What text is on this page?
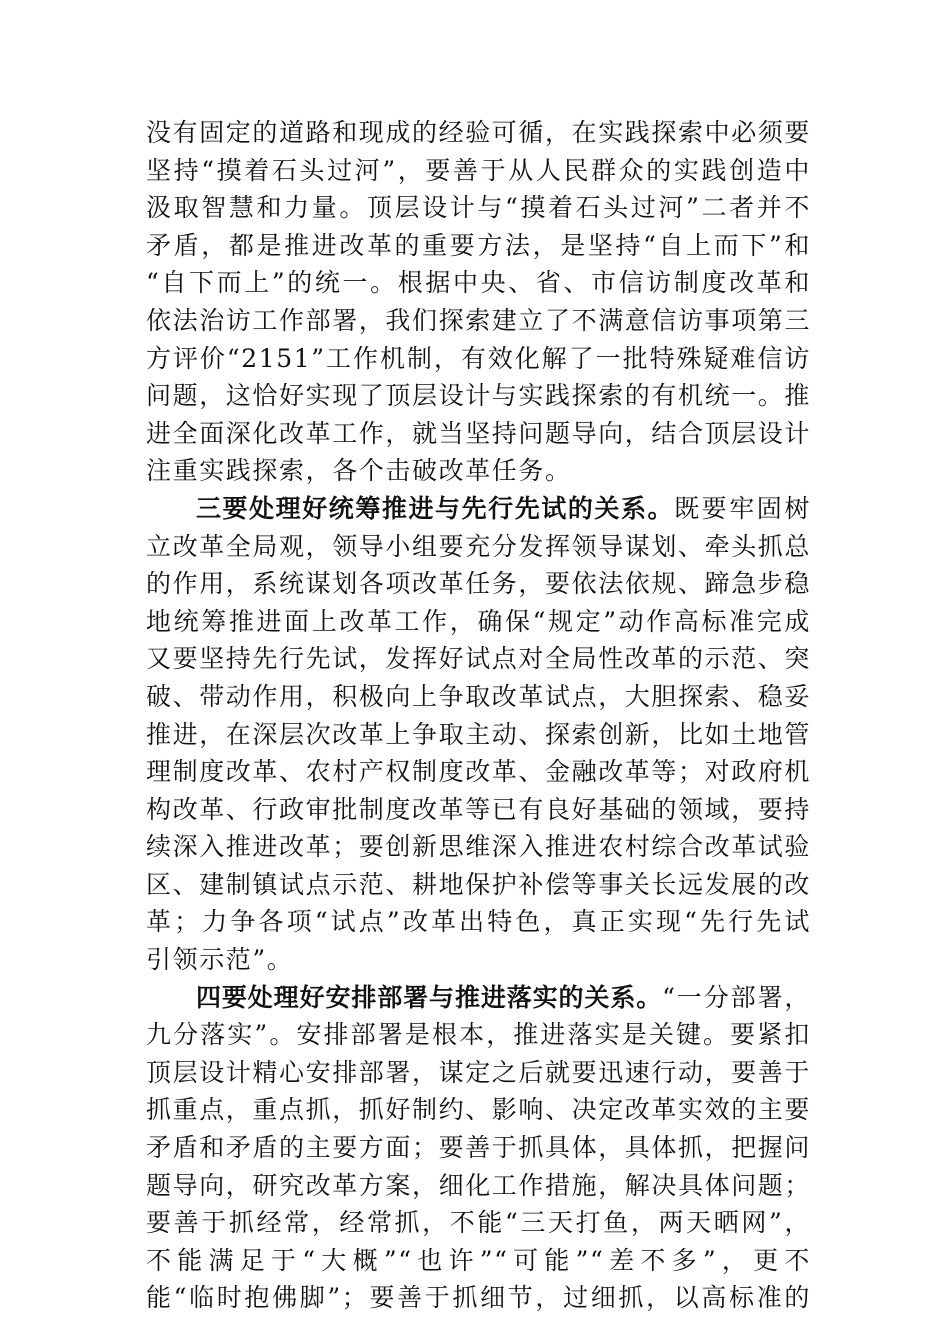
没有固定的道路和现成的经验可循，在实践探索中必须要
坚持“摸着石头过河”，要善于从人民群众的实践创造中
汲取智慧和力量。顶层设计与“摸着石头过河”二者并不
矛盾，都是推进改革的重要方法，是坚持“自上而下”和
“自下而上”的统一。根据中央、省、市信访制度改革和
依法治访工作部署，我们探索建立了不满意信访事项第三
方评价“2151”工作机制，有效化解了一批特殊疑难信访
问题，这恰好实现了顶层设计与实践探索的有机统一。推
进全面深化改革工作，就当坚持问题导向，结合顶层设计
注重实践探索，各个击破改革任务。
三要处理好统筹推进与先行先试的关系。既要牢固树
立改革全局观，领导小组要充分发挥领导谋划、牵头抓总
的作用，系统谋划各项改革任务，要依法依规、蹄急步稳
地统筹推进面上改革工作，确保“规定”动作高标准完成
又要坚持先行先试，发挥好试点对全局性改革的示范、突
破、带动作用，积极向上争取改革试点，大胆探索、稳妥
推进，在深层次改革上争取主动、探索创新，比如土地管
理制度改革、农村产权制度改革、金融改革等；对政府机
构改革、行政审批制度改革等已有良好基础的领域，要持
续深入推进改革；要创新思维深入推进农村综合改革试验
区、建制镇试点示范、耕地保护补偿等事关长远发展的改
革；力争各项“试点”改革出特色，真正实现“先行先试
引领示范”。
四要处理好安排部署与推进落实的关系。“一分部署，
九分落实”。安排部署是根本，推进落实是关键。要紧扣
顶层设计精心安排部署，谋定之后就要迅速行动，要善于
抓重点，重点抓，抓好制约、影响、决定改革实效的主要
矛盾和矛盾的主要方面；要善于抓具体，具体抓，把握问
题导向，研究改革方案，细化工作措施，解决具体问题；
要善于抓经常，经常抓，不能“三天打鱼，两天晒网”，
不能满足于“大概”“也许”“可能”“差不多”，更不
能“临时抱佛脚”；要善于抓细节，过细抓，以高标准的
